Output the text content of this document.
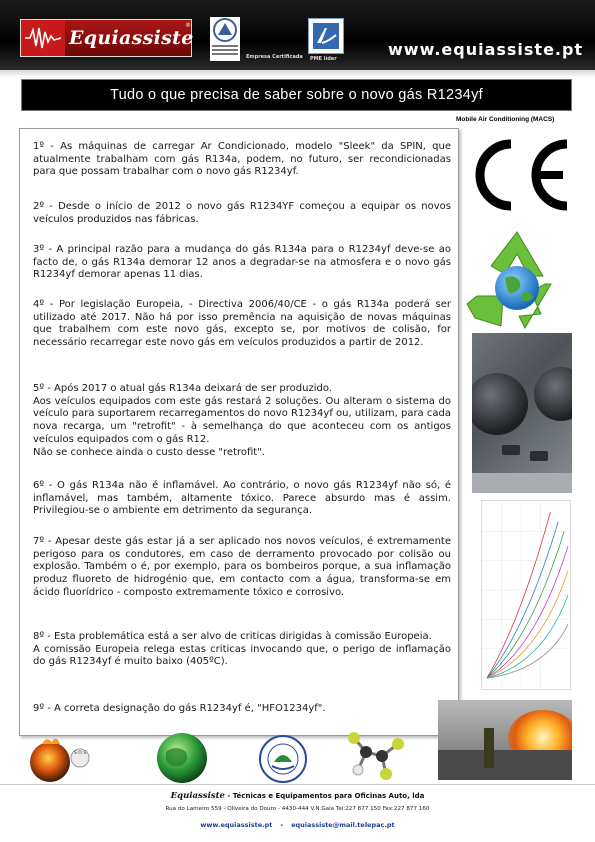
Equiassiste
®
Empresa Certificada PME líder	www.equiassiste.pt
Tudo o que precisa de saber sobre o novo gás R1234yf
Mobile Air Conditioning (MACS)

1º - As máquinas de carregar Ar Condicionado, modelo "Sleek" da SPIN, que atualmente trabalham com gás R134a, podem, no futuro, ser recondicionadas para que possam trabalhar com o novo gás R1234yf.

2º - Desde o início de 2012 o novo gás R1234YF começou a equipar os novos veículos produzidos nas fábricas.

3º - A principal razão para a mudança do gás R134a para o R1234yf deve-se ao facto de, o gás R134a demorar 12 anos a degradar-se na atmosfera e o novo gás R1234yf demorar apenas 11 dias.

4º - Por legislação Europeia, - Directiva 2006/40/CE - o gás R134a poderá ser utilizado até 2017. Não há por isso premência na aquisição de novas máquinas que trabalhem com este novo gás, excepto se, por motivos de colisão, for necessário recarregar este novo gás em veículos produzidos a partir de 2012.

5º - Após 2017 o atual gás R134a deixará de ser produzido.
Aos veículos equipados com este gás restará 2 soluções. Ou alteram o sistema do veículo para suportarem recarregamentos do novo R1234yf ou, utilizam, para cada nova recarga, um "retrofit" - à semelhança do que aconteceu com os antigos veículos equipados com o gás R12.
Não se conhece ainda o custo desse "retrofit".

6º - O gás R134a não é inflamável. Ao contrário, o novo gás R1234yf não só, é inflamável, mas também, altamente tóxico. Parece absurdo mas é assim. Privilegiou-se o ambiente em detrimento da segurança.

7º - Apesar deste gás estar já a ser aplicado nos novos veículos, é extremamente perigoso para os condutores, em caso de derramento provocado por colisão ou explosão. Também o é, por exemplo, para os bombeiros porque, a sua inflamação produz fluoreto de hidrogénio que, em contacto com a água, transforma-se em ácido fluorídrico - composto extremamente tóxico e corrosivo.

8º - Esta problemática está a ser alvo de criticas dirigidas à comissão Europeia.
A comissão Europeia relega estas criticas invocando que, o perigo de inflamação do gás R1234yf é muito baixo (405ºC).

9º - A correta designação do gás R1234yf é, "HFO1234yf".

S O S
Equiassiste - Técnicas e Equipamentos para Oficinas Auto, lda
Rua do Lameiro 559 - Oliveira do Douro - 4430-444 V.N.Gaia Tel:227 877 150 Fax:227 877 160
www.equiassiste.pt - equiassiste@mail.telepac.pt
